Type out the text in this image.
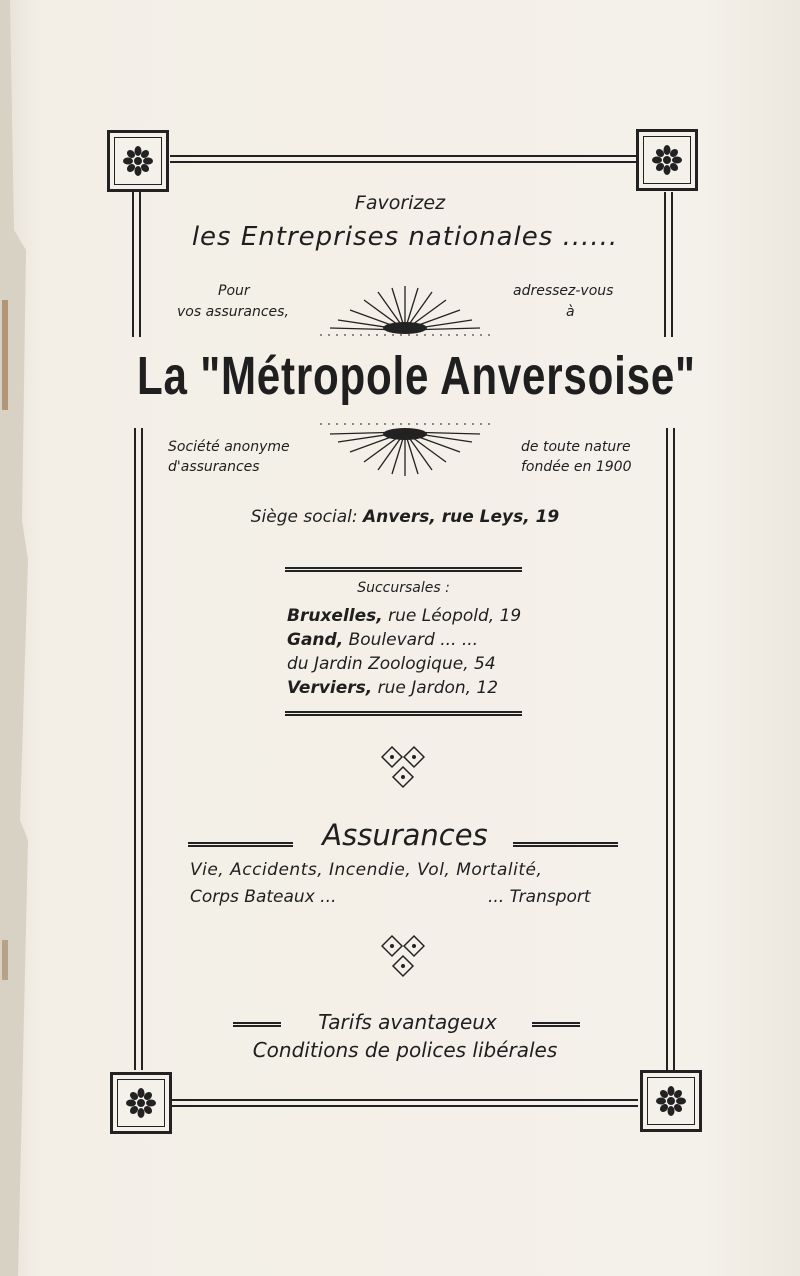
Favorizez
les Entreprises nationales ......
Pour
vos assurances,
adressez-vous
à
La "Métropole Anversoise"
Société anonyme
d'assurances
de toute nature
fondée en 1900
Siège social: Anvers, rue Leys, 19
Succursales :
Bruxelles, rue Léopold, 19
Gand, Boulevard ... ...
du Jardin Zoologique, 54
Verviers, rue Jardon, 12
Assurances
Vie, Accidents, Incendie, Vol, Mortalité,
Corps Bateaux ...	... Transport
Tarifs avantageux
Conditions de polices libérales
